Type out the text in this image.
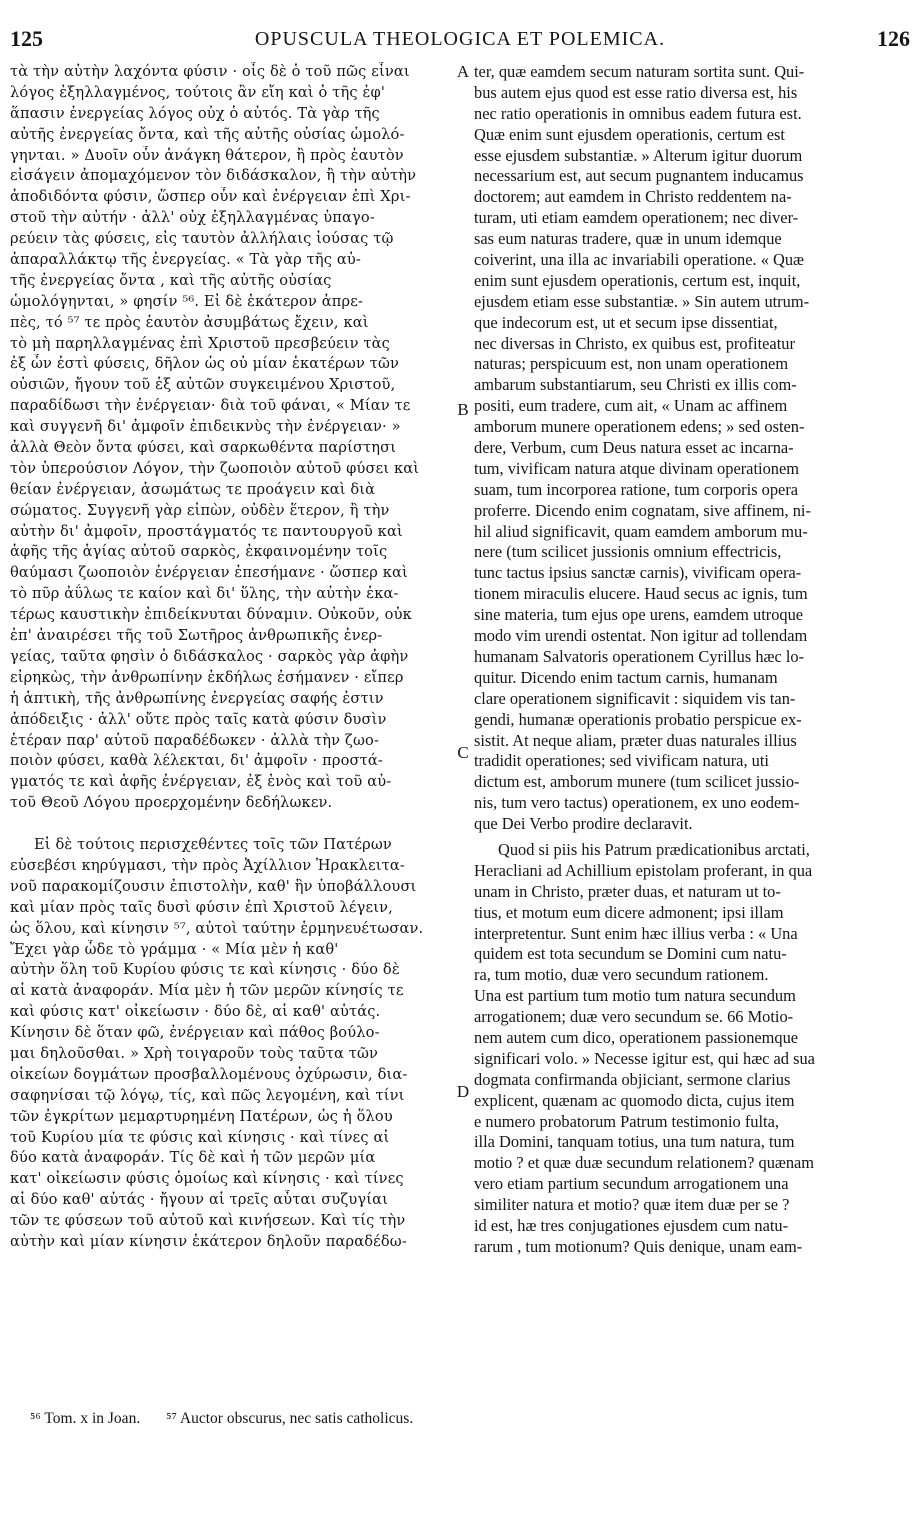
125	OPUSCULA THEOLOGICA ET POLEMICA.	126
τὰ τὴν αὐτὴν λαχόντα φύσιν · οἷς δὲ ὁ τοῦ πῶς εἶναι
λόγος ἐξηλλαγμένος, τούτοις ἂν εἴη καὶ ὁ τῆς ἐφ'
ἅπασιν ἐνεργείας λόγος οὐχ ὁ αὐτός. Τὰ γὰρ τῆς
αὐτῆς ἐνεργείας ὄντα, καὶ τῆς αὐτῆς οὐσίας ὡμολό-
γηνται. » Δυοῖν οὖν ἀνάγκη θάτερον, ἢ πρὸς ἑαυτὸν
εἰσάγειν ἀπομαχόμενον τὸν διδάσκαλον, ἢ τὴν αὐτὴν
ἀποδιδόντα φύσιν, ὥσπερ οὖν καὶ ἐνέργειαν ἐπὶ Χρι-
στοῦ τὴν αὐτήν · ἀλλ' οὐχ ἐξηλλαγμένας ὑπαγο-
ρεύειν τὰς φύσεις, εἰς ταυτὸν ἀλλήλαις ἰούσας τῷ
ἀπαραλλάκτῳ τῆς ἐνεργείας. « Τὰ γὰρ τῆς αὐ-
τῆς ἐνεργείας ὄντα , καὶ τῆς αὐτῆς οὐσίας
ὡμολόγηνται, » φησίν ⁵⁶. Εἰ δὲ ἑκάτερον ἀπρε-
πὲς, τό ⁵⁷ τε πρὸς ἑαυτὸν ἀσυμβάτως ἔχειν, καὶ
τὸ μὴ παρηλλαγμένας ἐπὶ Χριστοῦ πρεσβεύειν τὰς
ἐξ ὧν ἐστὶ φύσεις, δῆλον ὡς οὐ μίαν ἑκατέρων τῶν
οὐσιῶν, ἤγουν τοῦ ἐξ αὐτῶν συγκειμένου Χριστοῦ,
παραδίδωσι τὴν ἐνέργειαν· διὰ τοῦ φάναι, « Μίαν τε
καὶ συγγενῆ δι' ἀμφοῖν ἐπιδεικνὺς τὴν ἐνέργειαν· »
ἀλλὰ Θεὸν ὄντα φύσει, καὶ σαρκωθέντα παρίστησι
τὸν ὑπερούσιον Λόγον, τὴν ζωοποιὸν αὐτοῦ φύσει καὶ
θείαν ἐνέργειαν, ἀσωμάτως τε προάγειν καὶ διὰ
σώματος. Συγγενῆ γὰρ εἰπὼν, οὐδὲν ἕτερον, ἢ τὴν
αὐτὴν δι' ἀμφοῖν, προστάγματός τε παντουργοῦ καὶ
ἁφῆς τῆς ἁγίας αὐτοῦ σαρκὸς, ἐκφαινομένην τοῖς
θαύμασι ζωοποιὸν ἐνέργειαν ἐπεσήμανε · ὥσπερ καὶ
τὸ πῦρ ἀΰλως τε καίον καὶ δι' ὕλης, τὴν αὐτὴν ἑκα-
τέρως καυστικὴν ἐπιδείκνυται δύναμιν. Οὐκοῦν, οὐκ
ἐπ' ἀναιρέσει τῆς τοῦ Σωτῆρος ἀνθρωπικῆς ἐνερ-
γείας, ταῦτα φησὶν ὁ διδάσκαλος · σαρκὸς γὰρ ἀφὴν
εἰρηκὼς, τὴν ἀνθρωπίνην ἐκδήλως ἐσήμανεν · εἴπερ
ἡ ἁπτικὴ, τῆς ἀνθρωπίνης ἐνεργείας σαφής ἐστιν
ἀπόδειξις · ἀλλ' οὔτε πρὸς ταῖς κατὰ φύσιν δυσὶν
ἑτέραν παρ' αὐτοῦ παραδέδωκεν · ἀλλὰ τὴν ζωο-
ποιὸν φύσει, καθὰ λέλεκται, δι' ἀμφοῖν · προστά-
γματός τε καὶ ἁφῆς ἐνέργειαν, ἐξ ἑνὸς καὶ τοῦ αὐ-
τοῦ Θεοῦ Λόγου προερχομένην δεδήλωκεν.
Εἰ δὲ τούτοις περισχεθέντες τοῖς τῶν Πατέρων
εὐσεβέσι κηρύγμασι, τὴν πρὸς Ἀχίλλιον Ἡρακλειτα-
νοῦ παρακομίζουσιν ἐπιστολὴν, καθ' ἣν ὑποβάλλουσι
καὶ μίαν πρὸς ταῖς δυσὶ φύσιν ἐπὶ Χριστοῦ λέγειν,
ὡς ὅλου, καὶ κίνησιν ⁵⁷, αὐτοὶ ταύτην ἑρμηνευέτωσαν.
Ἔχει γὰρ ὧδε τὸ γράμμα · « Μία μὲν ἡ καθ'
αὐτὴν ὅλη τοῦ Κυρίου φύσις τε καὶ κίνησις · δύο δὲ
αἱ κατὰ ἀναφοράν. Μία μὲν ἡ τῶν μερῶν κίνησίς τε
καὶ φύσις κατ' οἰκείωσιν · δύο δὲ, αἱ καθ' αὑτάς.
Κίνησιν δὲ ὅταν φῶ, ἐνέργειαν καὶ πάθος βούλο-
μαι δηλοῦσθαι. » Χρὴ τοιγαροῦν τοὺς ταῦτα τῶν
οἰκείων δογμάτων προσβαλλομένους ὀχύρωσιν, δια-
σαφηνίσαι τῷ λόγῳ, τίς, καὶ πῶς λεγομένη, καὶ τίνι
τῶν ἐγκρίτων μεμαρτυρημένη Πατέρων, ὡς ἡ ὅλου
τοῦ Κυρίου μία τε φύσις καὶ κίνησις · καὶ τίνες αἱ
δύο κατὰ ἀναφοράν. Τίς δὲ καὶ ἡ τῶν μερῶν μία
κατ' οἰκείωσιν φύσις ὁμοίως καὶ κίνησις · καὶ τίνες
αἱ δύο καθ' αὑτάς · ἤγουν αἱ τρεῖς αὗται συζυγίαι
τῶν τε φύσεων τοῦ αὐτοῦ καὶ κινήσεων. Καὶ τίς τὴν
αὐτὴν καὶ μίαν κίνησιν ἑκάτερον δηλοῦν παραδέδω-
ter, quæ eamdem secum naturam sortita sunt. Qui-
bus autem ejus quod est esse ratio diversa est, his
nec ratio operationis in omnibus eadem futura est.
Quæ enim sunt ejusdem operationis, certum est
esse ejusdem substantiæ. » Alterum igitur duorum
necessarium est, aut secum pugnantem inducamus
doctorem; aut eamdem in Christo reddentem na-
turam, uti etiam eamdem operationem; nec diver-
sas eum naturas tradere, quæ in unum idemque
coiverint, una illa ac invariabili operatione. « Quæ
enim sunt ejusdem operationis, certum est, inquit,
ejusdem etiam esse substantiæ. » Sin autem utrum-
que indecorum est, ut et secum ipse dissentiat,
nec diversas in Christo, ex quibus est, profiteatur
naturas; perspicuum est, non unam operationem
ambarum substantiarum, seu Christi ex illis com-
positi, eum tradere, cum ait, « Unam ac affinem
amborum munere operationem edens; » sed osten-
dere, Verbum, cum Deus natura esset ac incarna-
tum, vivificam natura atque divinam operationem
suam, tum incorporea ratione, tum corporis opera
proferre. Dicendo enim cognatam, sive affinem, ni-
hil aliud significavit, quam eamdem amborum mu-
nere (tum scilicet jussionis omnium effectricis,
tunc tactus ipsius sanctæ carnis), vivificam opera-
tionem miraculis elucere. Haud secus ac ignis, tum
sine materia, tum ejus ope urens, eamdem utroque
modo vim urendi ostentat. Non igitur ad tollendam
humanam Salvatoris operationem Cyrillus hæc lo-
quitur. Dicendo enim tactum carnis, humanam
clare operationem significavit : siquidem vis tan-
gendi, humanæ operationis probatio perspicue ex-
sistit. At neque aliam, præter duas naturales illius
tradidit operationes; sed vivificam natura, uti
dictum est, amborum munere (tum scilicet jussio-
nis, tum vero tactus) operationem, ex uno eodem-
que Dei Verbo prodire declaravit.
Quod si piis his Patrum prædicationibus arctati,
Heracliani ad Achillium epistolam proferant, in qua
unam in Christo, præter duas, et naturam ut to-
tius, et motum eum dicere admonent; ipsi illam
interpretentur. Sunt enim hæc illius verba : « Una
quidem est tota secundum se Domini cum natu-
ra, tum motio, duæ vero secundum rationem.
Una est partium tum motio tum natura secundum
arrogationem; duæ vero secundum se. 66 Motio-
nem autem cum dico, operationem passionemque
significari volo. » Necesse igitur est, qui hæc ad sua
dogmata confirmanda objiciant, sermone clarius
explicent, quænam ac quomodo dicta, cujus item
e numero probatorum Patrum testimonio fulta,
illa Domini, tanquam totius, una tum natura, tum
motio ? et quæ duæ secundum relationem? quænam
vero etiam partium secundum arrogationem una
similiter natura et motio? quæ item duæ per se ?
id est, hæ tres conjugationes ejusdem cum natu-
rarum , tum motionum? Quis denique, unam eam-
A
B
C
D
⁵⁶ Tom. x in Joan. ⁵⁷ Auctor obscurus, nec satis catholicus.
